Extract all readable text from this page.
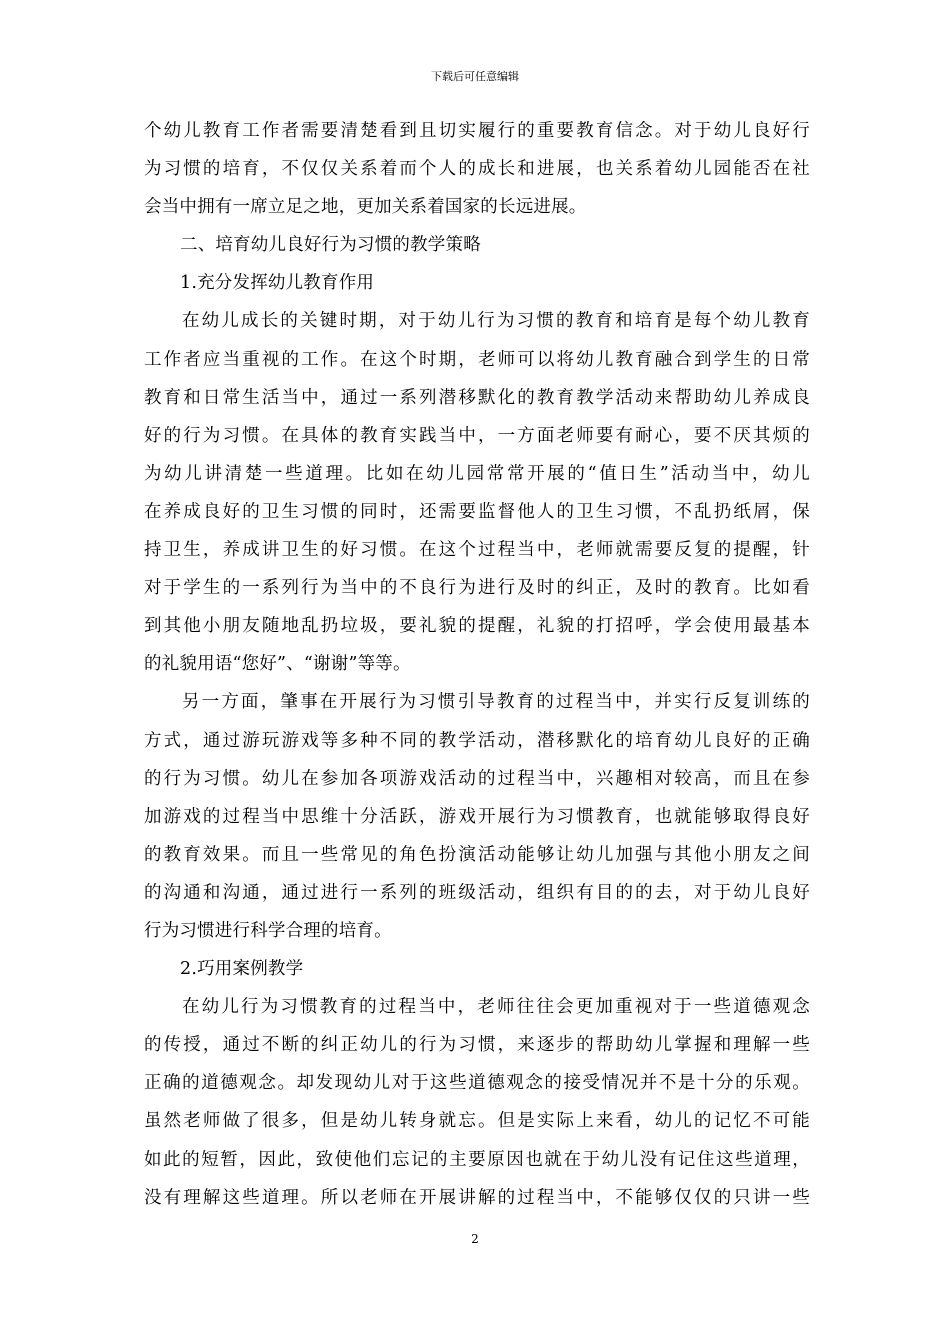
下载后可任意编辑
个幼儿教育工作者需要清楚看到且切实履行的重要教育信念。对于幼儿良好行
为习惯的培育，不仅仅关系着而个人的成长和进展，也关系着幼儿园能否在社
会当中拥有一席立足之地，更加关系着国家的长远进展。
二、培育幼儿良好行为习惯的教学策略
1.充分发挥幼儿教育作用
在幼儿成长的关键时期，对于幼儿行为习惯的教育和培育是每个幼儿教育
工作者应当重视的工作。在这个时期，老师可以将幼儿教育融合到学生的日常
教育和日常生活当中，通过一系列潜移默化的教育教学活动来帮助幼儿养成良
好的行为习惯。在具体的教育实践当中，一方面老师要有耐心，要不厌其烦的
为幼儿讲清楚一些道理。比如在幼儿园常常开展的“值日生”活动当中，幼儿
在养成良好的卫生习惯的同时，还需要监督他人的卫生习惯，不乱扔纸屑，保
持卫生，养成讲卫生的好习惯。在这个过程当中，老师就需要反复的提醒，针
对于学生的一系列行为当中的不良行为进行及时的纠正，及时的教育。比如看
到其他小朋友随地乱扔垃圾，要礼貌的提醒，礼貌的打招呼，学会使用最基本
的礼貌用语“您好”、“谢谢”等等。
另一方面，肇事在开展行为习惯引导教育的过程当中，并实行反复训练的
方式，通过游玩游戏等多种不同的教学活动，潜移默化的培育幼儿良好的正确
的行为习惯。幼儿在参加各项游戏活动的过程当中，兴趣相对较高，而且在参
加游戏的过程当中思维十分活跃，游戏开展行为习惯教育，也就能够取得良好
的教育效果。而且一些常见的角色扮演活动能够让幼儿加强与其他小朋友之间
的沟通和沟通，通过进行一系列的班级活动，组织有目的的去，对于幼儿良好
行为习惯进行科学合理的培育。
2.巧用案例教学
在幼儿行为习惯教育的过程当中，老师往往会更加重视对于一些道德观念
的传授，通过不断的纠正幼儿的行为习惯，来逐步的帮助幼儿掌握和理解一些
正确的道德观念。却发现幼儿对于这些道德观念的接受情况并不是十分的乐观。
虽然老师做了很多，但是幼儿转身就忘。但是实际上来看，幼儿的记忆不可能
如此的短暂，因此，致使他们忘记的主要原因也就在于幼儿没有记住这些道理，
没有理解这些道理。所以老师在开展讲解的过程当中，不能够仅仅的只讲一些
2
